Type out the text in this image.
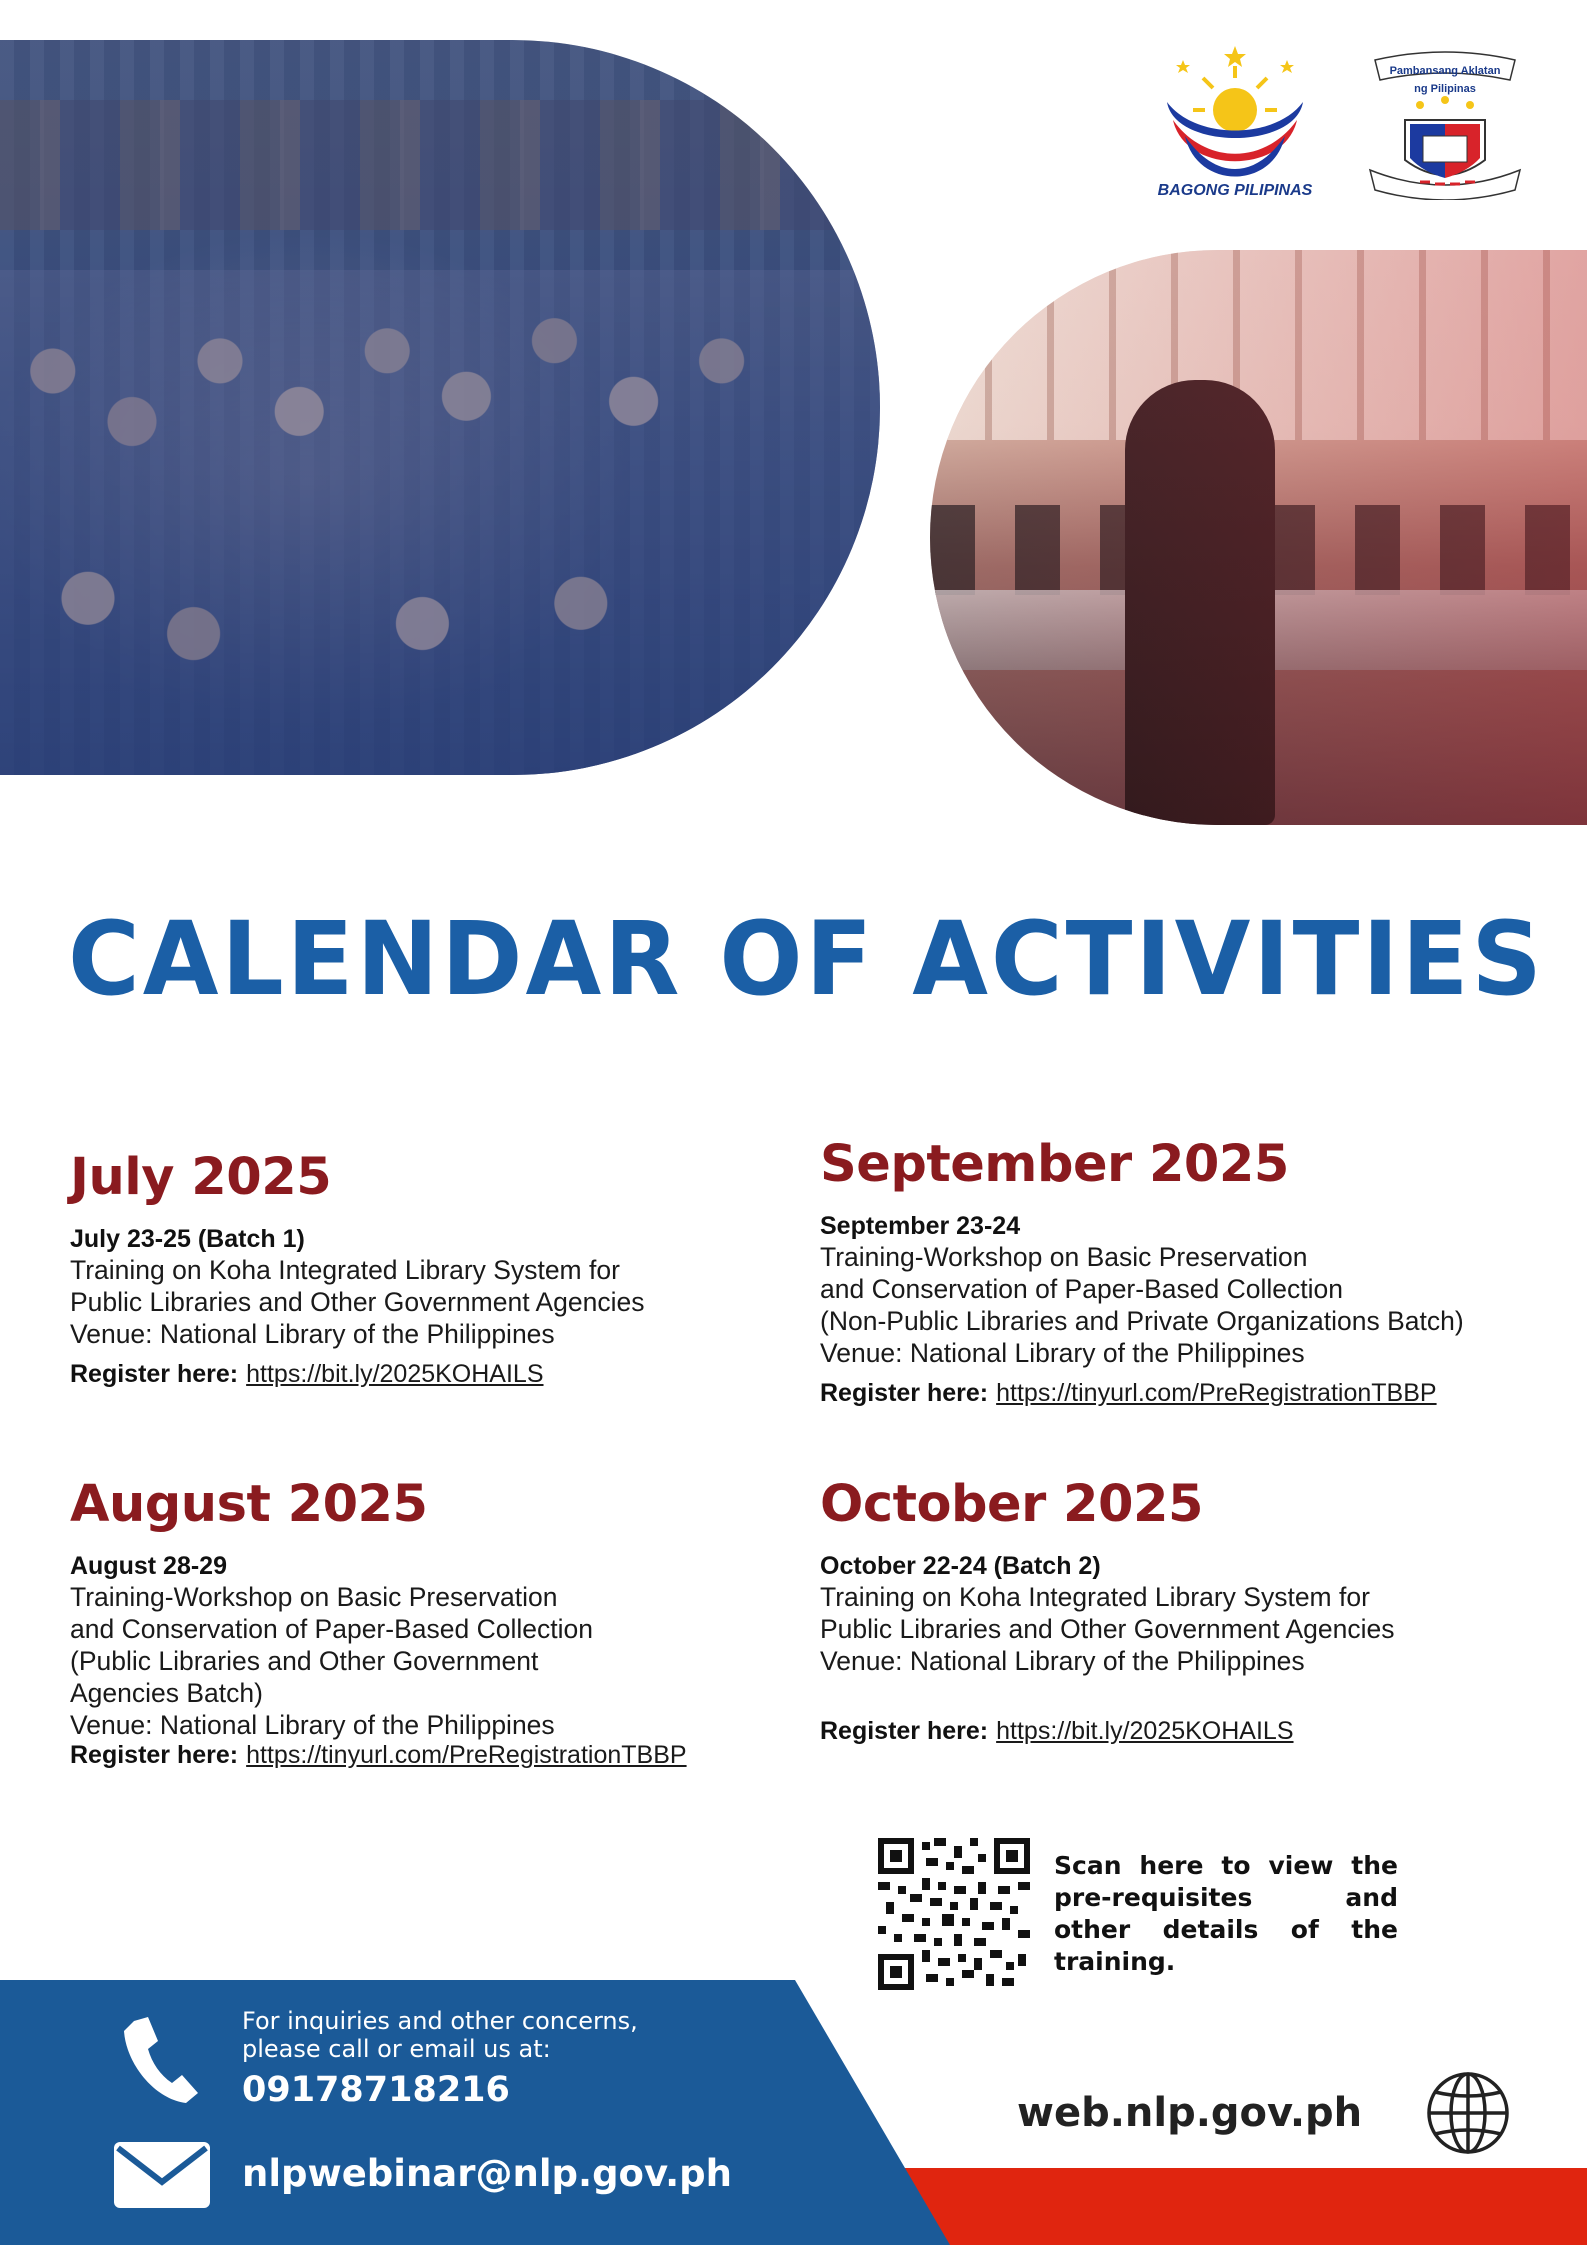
BAGONG PILIPINAS
Pambansang Aklatan
ng Pilipinas
CALENDAR OF ACTIVITIES
July 2025
July 23-25 (Batch 1)
Training on Koha Integrated Library System for
Public Libraries and Other Government Agencies
Venue: National Library of the Philippines
Register here: https://bit.ly/2025KOHAILS
September 2025
September 23-24
Training-Workshop on Basic Preservation
and Conservation of Paper-Based Collection
(Non-Public Libraries and Private Organizations Batch)
Venue: National Library of the Philippines
Register here: https://tinyurl.com/PreRegistrationTBBP
August 2025
August 28-29
Training-Workshop on Basic Preservation
and Conservation of Paper-Based Collection
(Public Libraries and Other Government
Agencies Batch)
Venue: National Library of the Philippines
Register here: https://tinyurl.com/PreRegistrationTBBP
October 2025
October 22-24 (Batch 2)
Training on Koha Integrated Library System for
Public Libraries and Other Government Agencies
Venue: National Library of the Philippines
Register here: https://bit.ly/2025KOHAILS
Scan here to view the pre-requisites and other details of the training.
For inquiries and other concerns,
please call or email us at:
09178718216
nlpwebinar@nlp.gov.ph
web.nlp.gov.ph
